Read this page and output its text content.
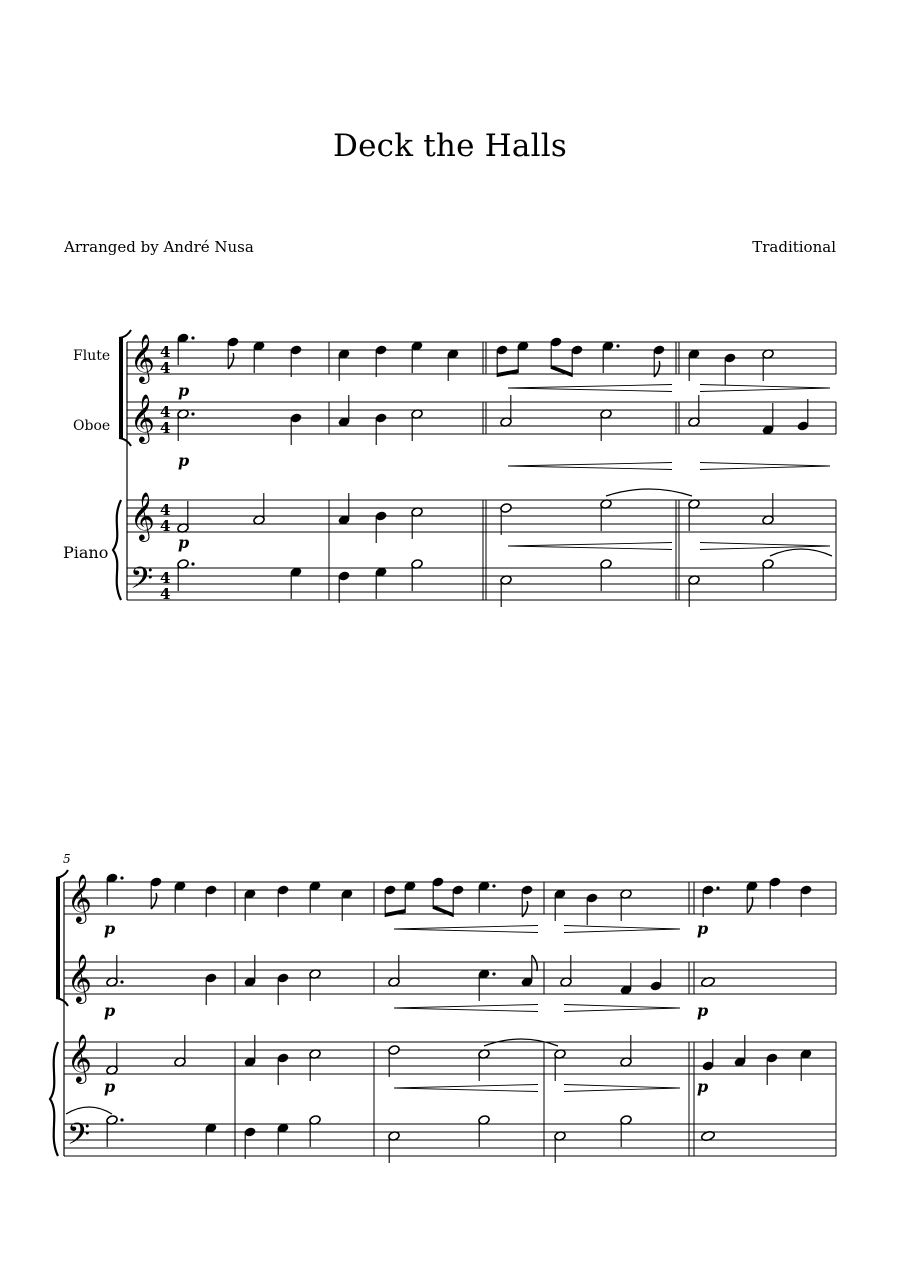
Deck the Halls
Arranged by André Nusa	Traditional
Flute
Oboe
Piano
5
𝄞
𝄞
𝄞
𝄢
4
4
4
4
4
4
4
4
p
p
p
𝄞
𝄞
𝄞
𝄢
p	p
p	p
p	p
